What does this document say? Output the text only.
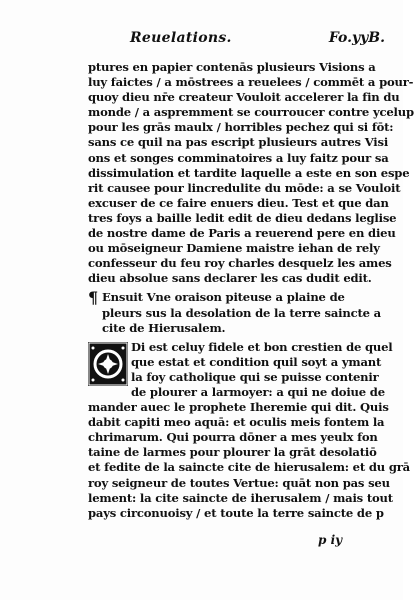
Reuelations.	Fo.yyB.
ptures en papier contenās plusieurs Visions a
luy faictes / a mōstrees a reuelees / commēt a pour-
quoy dieu nr̄e createur Vouloit accelerer la fin du
monde / a aspremment se courroucer contre ycelup
pour les grās maulx / horribles pechez qui si fōt:
sans ce quil na pas escript plusieurs autres Visi
ons et songes comminatoires a luy faitz pour sa
dissimulation et tardite laquelle a este en son espe
rit causee pour lincredulite du mōde: a se Vouloit
excuser de ce faire enuers dieu. Test et que dan
tres foys a baille ledit edit de dieu dedans leglise
de nostre dame de Paris a reuerend pere en dieu
ou mōseigneur Damiene maistre iehan de rely
confesseur du feu roy charles desquelz les ames
dieu absolue sans declarer les cas dudit edit.
¶ Ensuit Vne oraison piteuse a plaine de
pleurs sus la desolation de la terre saincte a
cite de Hierusalem.
Di est celuy fidele et bon crestien de quel
que estat et condition quil soyt a ymant
la foy catholique qui se puisse contenir
de plourer a larmoyer: a qui ne doiue de
mander auec le prophete Iheremie qui dit. Quis
dabit capiti meo aquā: et oculis meis fontem la
chrimarum. Qui pourra dōner a mes yeulx fon
taine de larmes pour plourer la grāt desolatiō
et fedite de la saincte cite de hierusalem: et du grā
roy seigneur de toutes Vertue: quāt non pas seu
lement: la cite saincte de iherusalem / mais tout
pays circonuoisy / et toute la terre saincte de p
p iy
